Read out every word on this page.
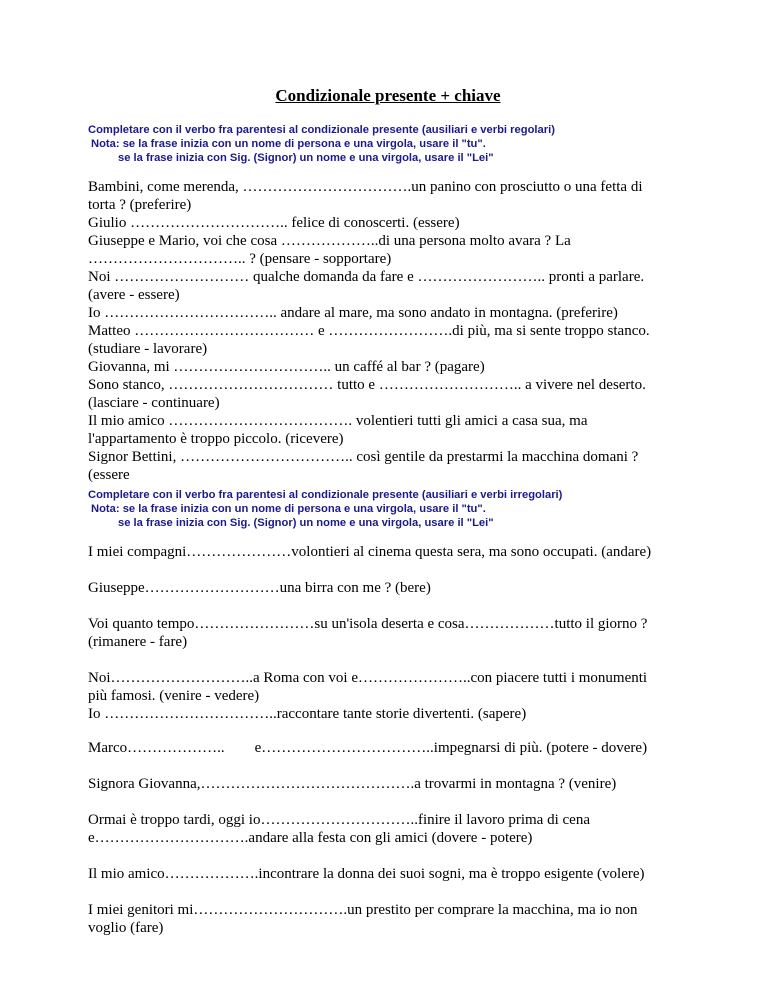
Condizionale presente + chiave
Completare con il verbo fra parentesi al condizionale presente (ausiliari e verbi regolari)
Nota: se la frase inizia con un nome di persona e una virgola, usare il "tu".
se la frase inizia con Sig. (Signor) un nome e una virgola, usare il "Lei"

Bambini, come merenda, …………………………….un panino con prosciutto o una fetta di

torta ? (preferire)

Giulio ………………………….. felice di conoscerti. (essere)

Giuseppe e Mario, voi che cosa ………………..di una persona molto avara ? La

………………………….. ? (pensare - sopportare)

Noi ……………………… qualche domanda da fare e …………………….. pronti a parlare.

(avere - essere)

Io …………………………….. andare al mare, ma sono andato in montagna. (preferire)

Matteo ……………………………… e …………………….di più, ma si sente troppo stanco.

(studiare - lavorare)

Giovanna, mi ………………………….. un caffé al bar ? (pagare)

Sono stanco, …………………………… tutto e ……………………….. a vivere nel deserto.

(lasciare - continuare)

Il mio amico ………………………………. volentieri tutti gli amici a casa sua, ma

l'appartamento è troppo piccolo. (ricevere)

Signor Bettini, …………………………….. così gentile da prestarmi la macchina domani ?

(essere

Completare con il verbo fra parentesi al condizionale presente (ausiliari e verbi irregolari)
Nota: se la frase inizia con un nome di persona e una virgola, usare il "tu".
se la frase inizia con Sig. (Signor) un nome e una virgola, usare il "Lei"

I miei compagni…………………volontieri al cinema questa sera, ma sono occupati. (andare)

Giuseppe………………………una birra con me ? (bere)

Voi quanto tempo……………………su un'isola deserta e cosa………………tutto il giorno ?
(rimanere - fare)

Noi………………………..a Roma con voi e…………………..con piacere tutti i monumenti
più famosi. (venire - vedere)
Io ……………………………..raccontare tante storie divertenti. (sapere)

Marco………………..        e……………………………..impegnarsi di più. (potere - dovere)

Signora Giovanna,…………………………………….a trovarmi in montagna ? (venire)

Ormai è troppo tardi, oggi io…………………………..finire il lavoro prima di cena
e………………………….andare alla festa con gli amici (dovere - potere)

Il mio amico……………….incontrare la donna dei suoi sogni, ma è troppo esigente (volere)

I miei genitori mi………………………….un prestito per comprare la macchina, ma io non
voglio (fare)
